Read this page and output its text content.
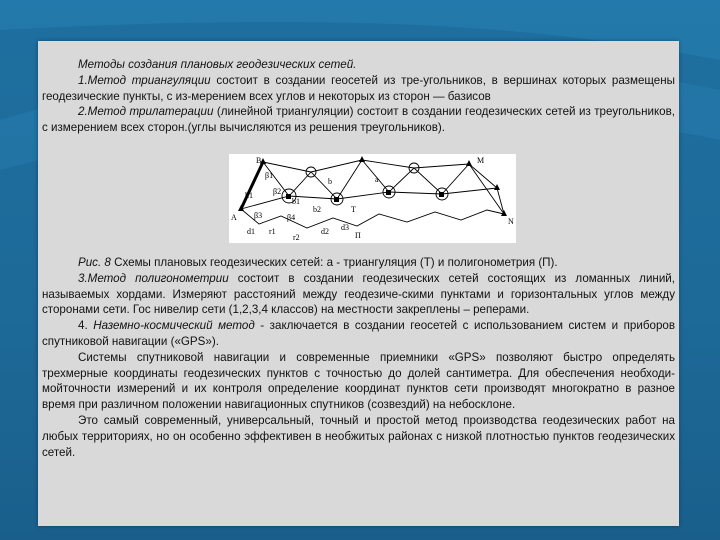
Методы создания плановых геодезических сетей.

1.Метод триангуляции состоит в создании геосетей из тре-угольников, в вершинах которых размещены геодезические пункты, с из-мерением всех углов и некоторых из сторон — базисов

2.Метод трилатерации (линейной триангуляции) состоит в создании геодезических сетей из треугольников, с измерением всех сторон.(углы вычисляются из решения треугольников).

B	M
N
A
β1
β2
β3	β4
b1
b2
r1
r2
b	a
T
П
d1	d2 d3
h1

Рис. 8 Схемы плановых геодезических сетей: а - триангуляция (Т) и полигонометрия (П).

3.Метод полигонометрии состоит в создании геодезических сетей состоящих из ломанных линий, называемых хордами. Измеряют расстояний между геодезиче-скими пунктами и горизонтальных углов между сторонами сети. Гос нивелир сети (1,2,3,4 классов) на местности закреплены – реперами.

4. Наземно-космический метод - заключается в создании геосетей с использованием систем и приборов спутниковой навигации («GPS»).

Системы спутниковой навигации и современные приемники «GPS» позволяют быстро определять трехмерные координаты геодезических пунктов с точностью до долей сантиметра. Для обеспечения необходи-мойточности измерений и их контроля определение координат пунктов сети производят многократно в разное время при различном положении навигационных спутников (созвездий) на небосклоне.

Это самый современный, универсальный, точный и простой метод производства геодезических работ на любых территориях, но он особенно эффективен в необжитых районах с низкой плотностью пунктов геодезических сетей.
